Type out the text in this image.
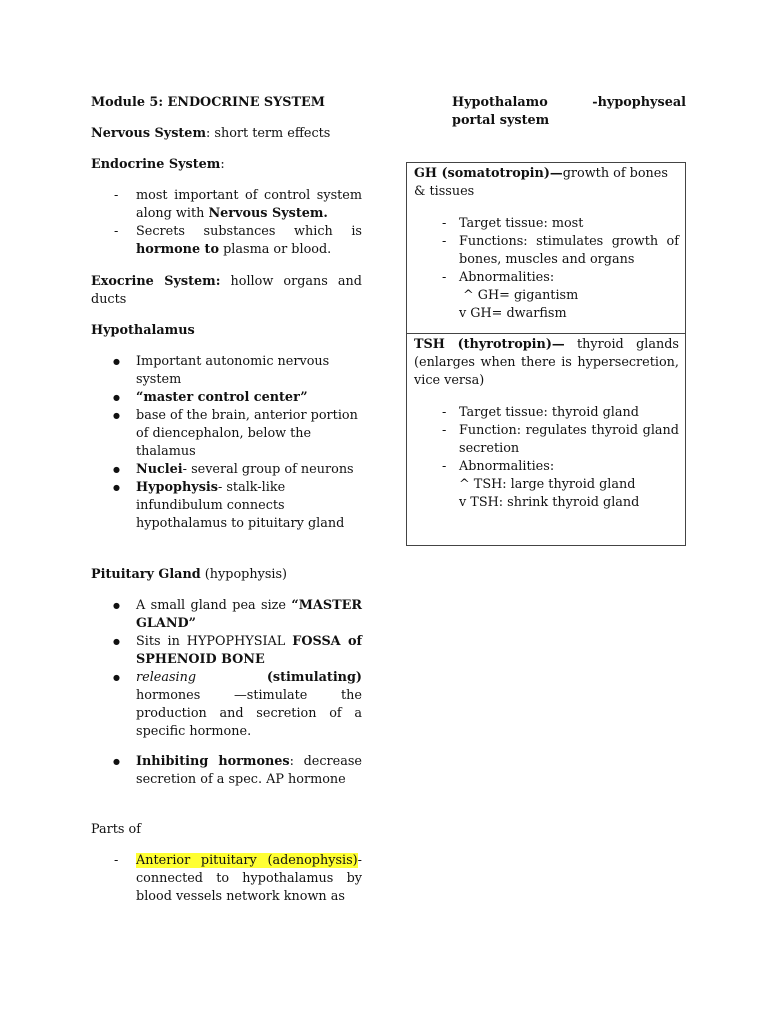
Module 5: ENDOCRINE SYSTEM

Nervous System: short term effects

Endocrine System:

- most important of control system along with Nervous System.
- Secrets substances which is hormone to plasma or blood.

Exocrine System: hollow organs and ducts

Hypothalamus

● Important autonomic nervous system
● “master control center”
● base of the brain, anterior portion of diencephalon, below the thalamus
● Nuclei- several group of neurons
● Hypophysis- stalk-like infundibulum connects hypothalamus to pituitary gland

Pituitary Gland (hypophysis)

● A small gland pea size “MASTER GLAND”
● Sits in HYPOPHYSIAL FOSSA of SPHENOID BONE
● releasing (stimulating) hormones —stimulate the production and secretion of a specific hormone.
● Inhibiting hormones: decrease secretion of a spec. AP hormone

Parts of

- Anterior pituitary (adenophysis)- connected to hypothalamus by blood vessels network known as
Hypothalamo	-hypophyseal
portal system

GH (somatotropin)—growth of bones & tissues

- Target tissue: most
- Functions: stimulates growth of bones, muscles and organs
- Abnormalities:
^ GH= gigantism
v GH= dwarfism

TSH (thyrotropin)— thyroid glands (enlarges when there is hypersecretion, vice versa)

- Target tissue: thyroid gland
- Function: regulates thyroid gland secretion
- Abnormalities:
^ TSH: large thyroid gland
v TSH: shrink thyroid gland
